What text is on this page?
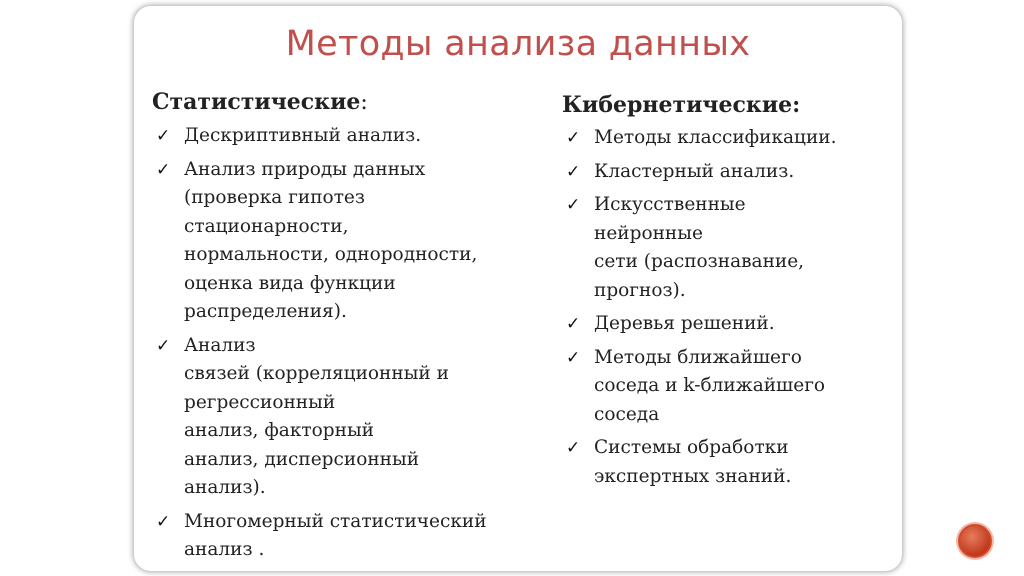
Методы анализа данных
Статистические:
✓ Дескриптивный анализ.
✓ Анализ природы данных
(проверка гипотез
стационарности,
нормальности, однородности,
оценка вида функции
распределения).
✓ Анализ
связей (корреляционный и
регрессионный
анализ, факторный
анализ, дисперсионный
анализ).
✓ Многомерный статистический
анализ .
Кибернетические:
✓ Методы классификации.
✓ Кластерный анализ.
✓ Искусственные
нейронные
сети (распознавание,
прогноз).
✓ Деревья решений.
✓ Методы ближайшего
соседа и k-ближайшего
соседа
✓ Системы обработки
экспертных знаний.
